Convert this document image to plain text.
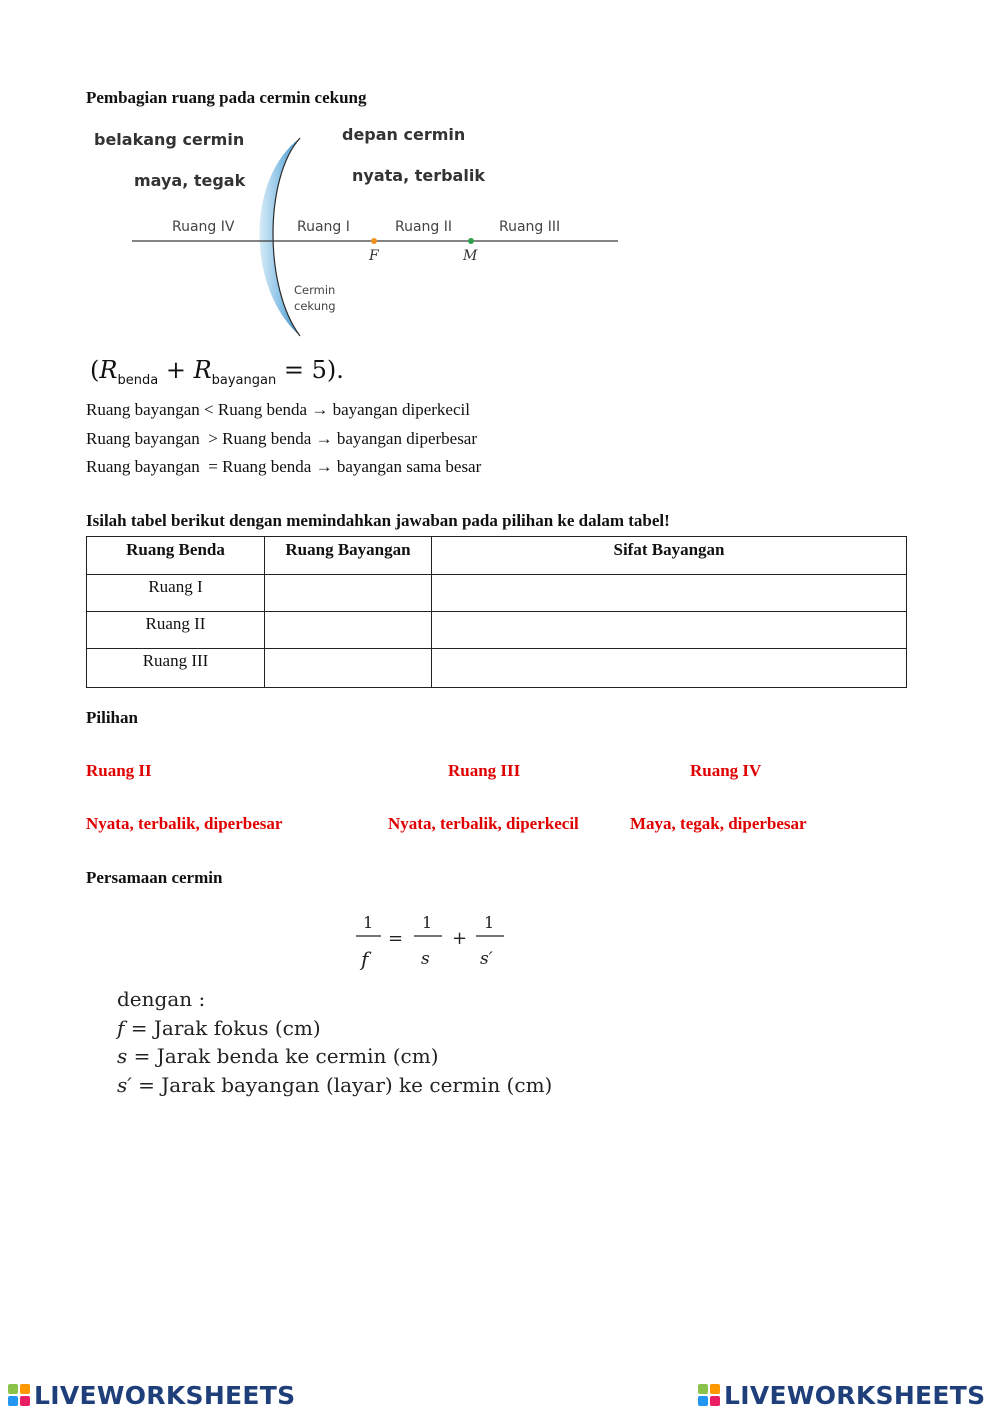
Pembagian ruang pada cermin cekung
belakang cermin
maya, tegak
depan cermin
nyata, terbalik
Ruang IV	Ruang I	Ruang II	Ruang III
F	M
Cermin
cekung
$(R_{benda} + R_{bayangan} = 5)$.
Ruang bayangan < Ruang benda → bayangan diperkecil
Ruang bayangan  > Ruang benda → bayangan diperbesar
Ruang bayangan  = Ruang benda → bayangan sama besar
Isilah tabel berikut dengan memindahkan jawaban pada pilihan ke dalam tabel!
Ruang Benda	Ruang Bayangan	Sifat Bayangan
Ruang I		
Ruang II		
Ruang III		
Pilihan
Ruang II	Ruang III	Ruang IV
Nyata, terbalik, diperbesar	Nyata, terbalik, diperkecil	Maya, tegak, diperbesar
Persamaan cermin
1
f
=
1
s
+
1
s′
dengan :
f = Jarak fokus (cm)
s = Jarak benda ke cermin (cm)
s′ = Jarak bayangan (layar) ke cermin (cm)
LIVEWORKSHEETS	LIVEWORKSHEETS
